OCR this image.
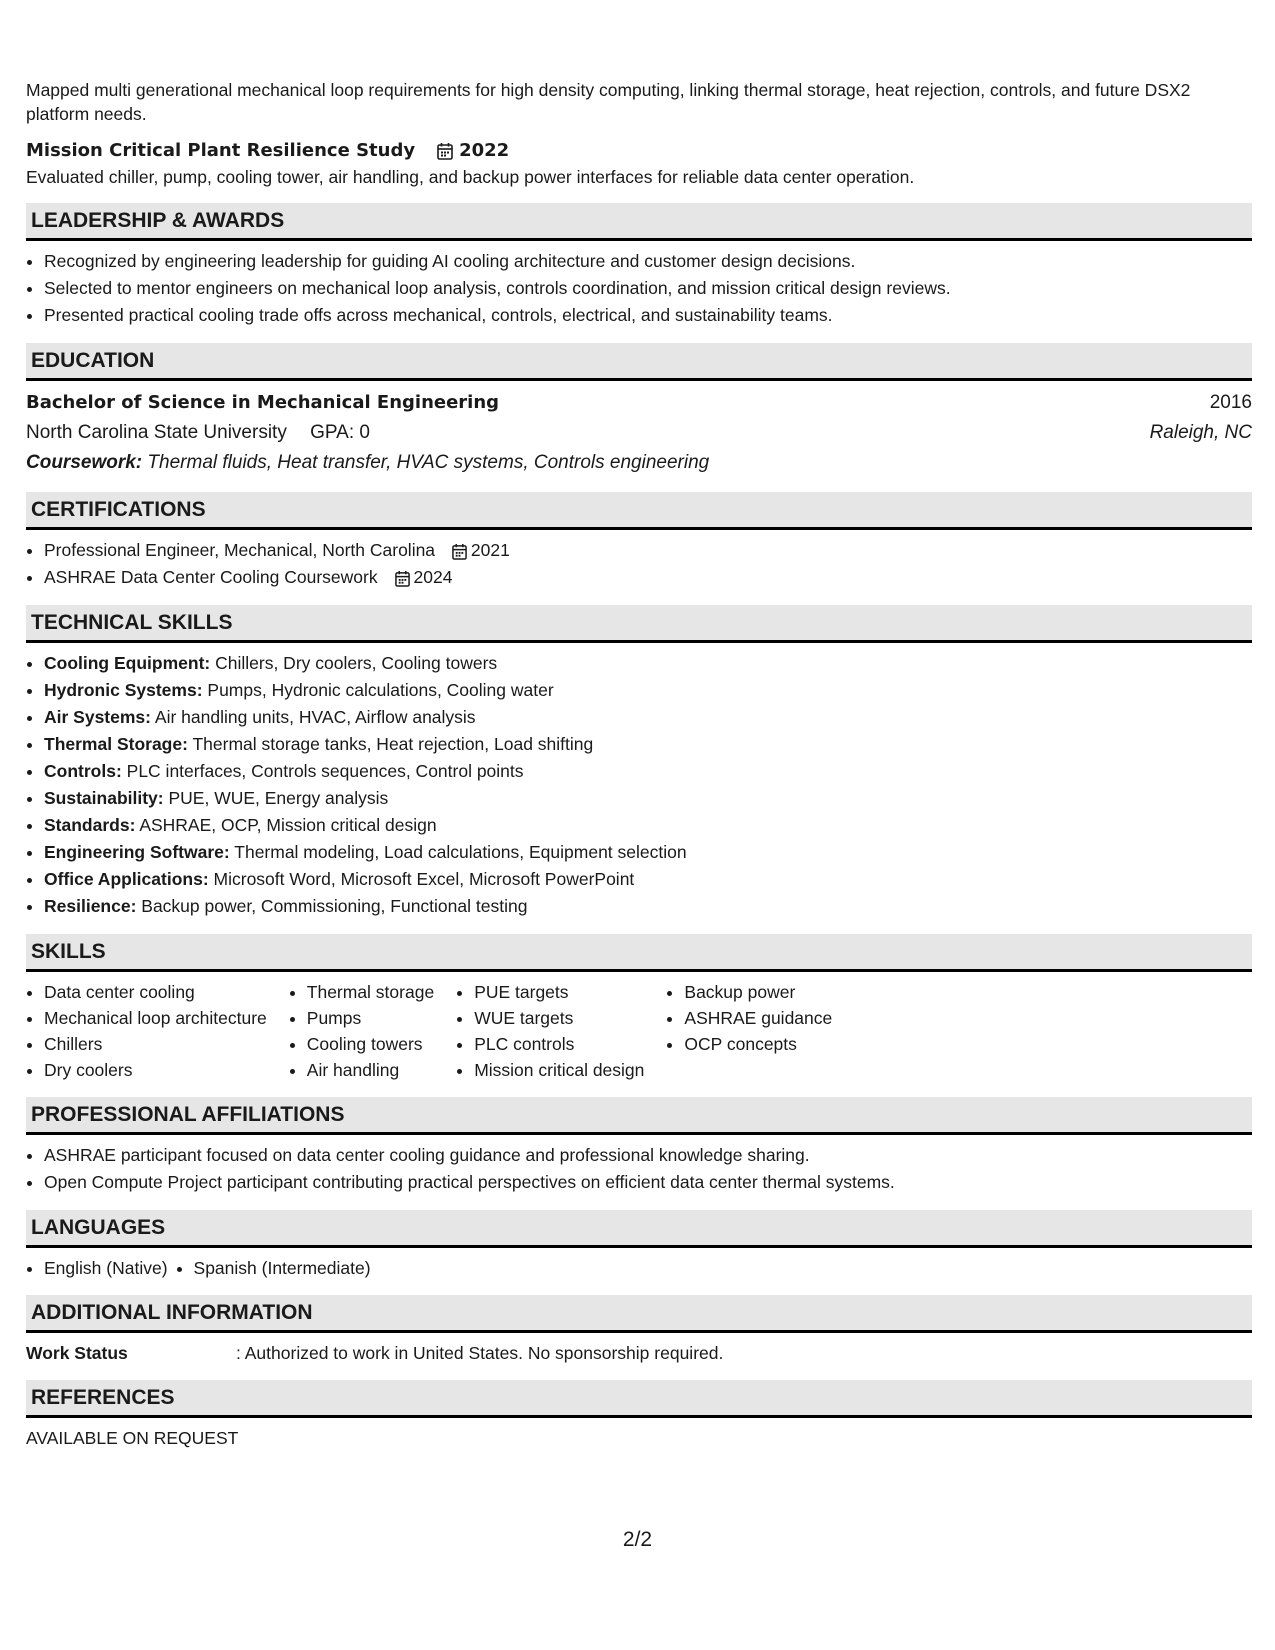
Mapped multi generational mechanical loop requirements for high density computing, linking thermal storage, heat rejection, controls, and future DSX2 platform needs.

Mission Critical Plant Resilience Study 2022

Evaluated chiller, pump, cooling tower, air handling, and backup power interfaces for reliable data center operation.

LEADERSHIP & AWARDS
• Recognized by engineering leadership for guiding AI cooling architecture and customer design decisions.
• Selected to mentor engineers on mechanical loop analysis, controls coordination, and mission critical design reviews.
• Presented practical cooling trade offs across mechanical, controls, electrical, and sustainability teams.
EDUCATION
Bachelor of Science in Mechanical Engineering	2016
North Carolina State University GPA: 0	Raleigh, NC
Coursework: Thermal fluids, Heat transfer, HVAC systems, Controls engineering
CERTIFICATIONS
• Professional Engineer, Mechanical, North Carolina 2021
• ASHRAE Data Center Cooling Coursework 2024
TECHNICAL SKILLS
• Cooling Equipment: Chillers, Dry coolers, Cooling towers
• Hydronic Systems: Pumps, Hydronic calculations, Cooling water
• Air Systems: Air handling units, HVAC, Airflow analysis
• Thermal Storage: Thermal storage tanks, Heat rejection, Load shifting
• Controls: PLC interfaces, Controls sequences, Control points
• Sustainability: PUE, WUE, Energy analysis
• Standards: ASHRAE, OCP, Mission critical design
• Engineering Software: Thermal modeling, Load calculations, Equipment selection
• Office Applications: Microsoft Word, Microsoft Excel, Microsoft PowerPoint
• Resilience: Backup power, Commissioning, Functional testing
SKILLS
• Data center cooling
• Mechanical loop architecture
• Chillers
• Dry coolers
• Thermal storage
• Pumps
• Cooling towers
• Air handling
• PUE targets
• WUE targets
• PLC controls
• Mission critical design
• Backup power
• ASHRAE guidance
• OCP concepts
PROFESSIONAL AFFILIATIONS
• ASHRAE participant focused on data center cooling guidance and professional knowledge sharing.
• Open Compute Project participant contributing practical perspectives on efficient data center thermal systems.
LANGUAGES
• English (Native)
• Spanish (Intermediate)
ADDITIONAL INFORMATION
Work Status	: Authorized to work in United States. No sponsorship required.
REFERENCES
AVAILABLE ON REQUEST
2/2
